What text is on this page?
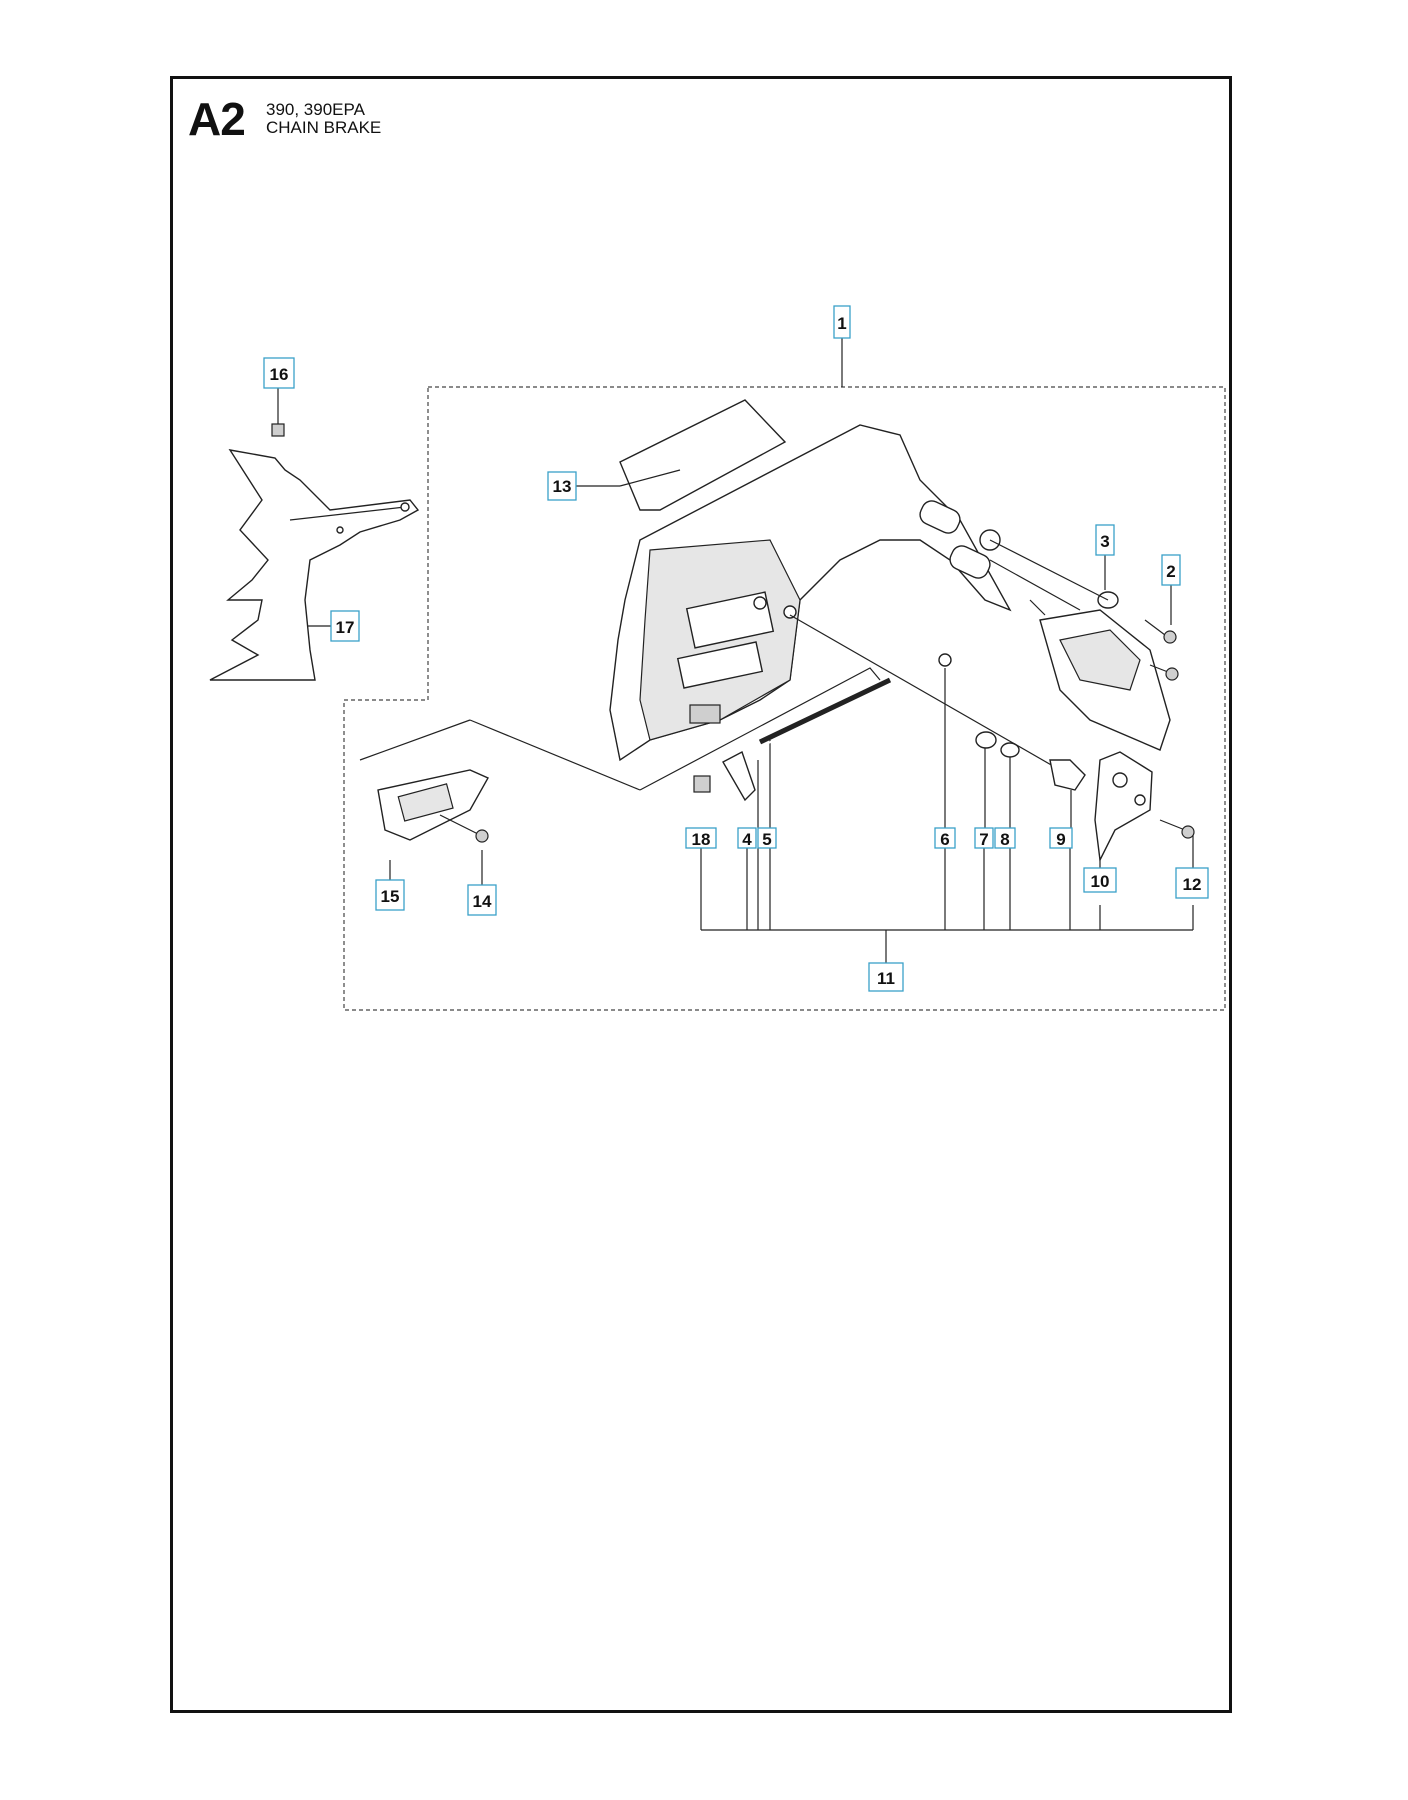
A2 390, 390EPA
CHAIN BRAKE
1
2
3
4 5	6 7 8	9
10
11
12
13
14
15
16
17
18
